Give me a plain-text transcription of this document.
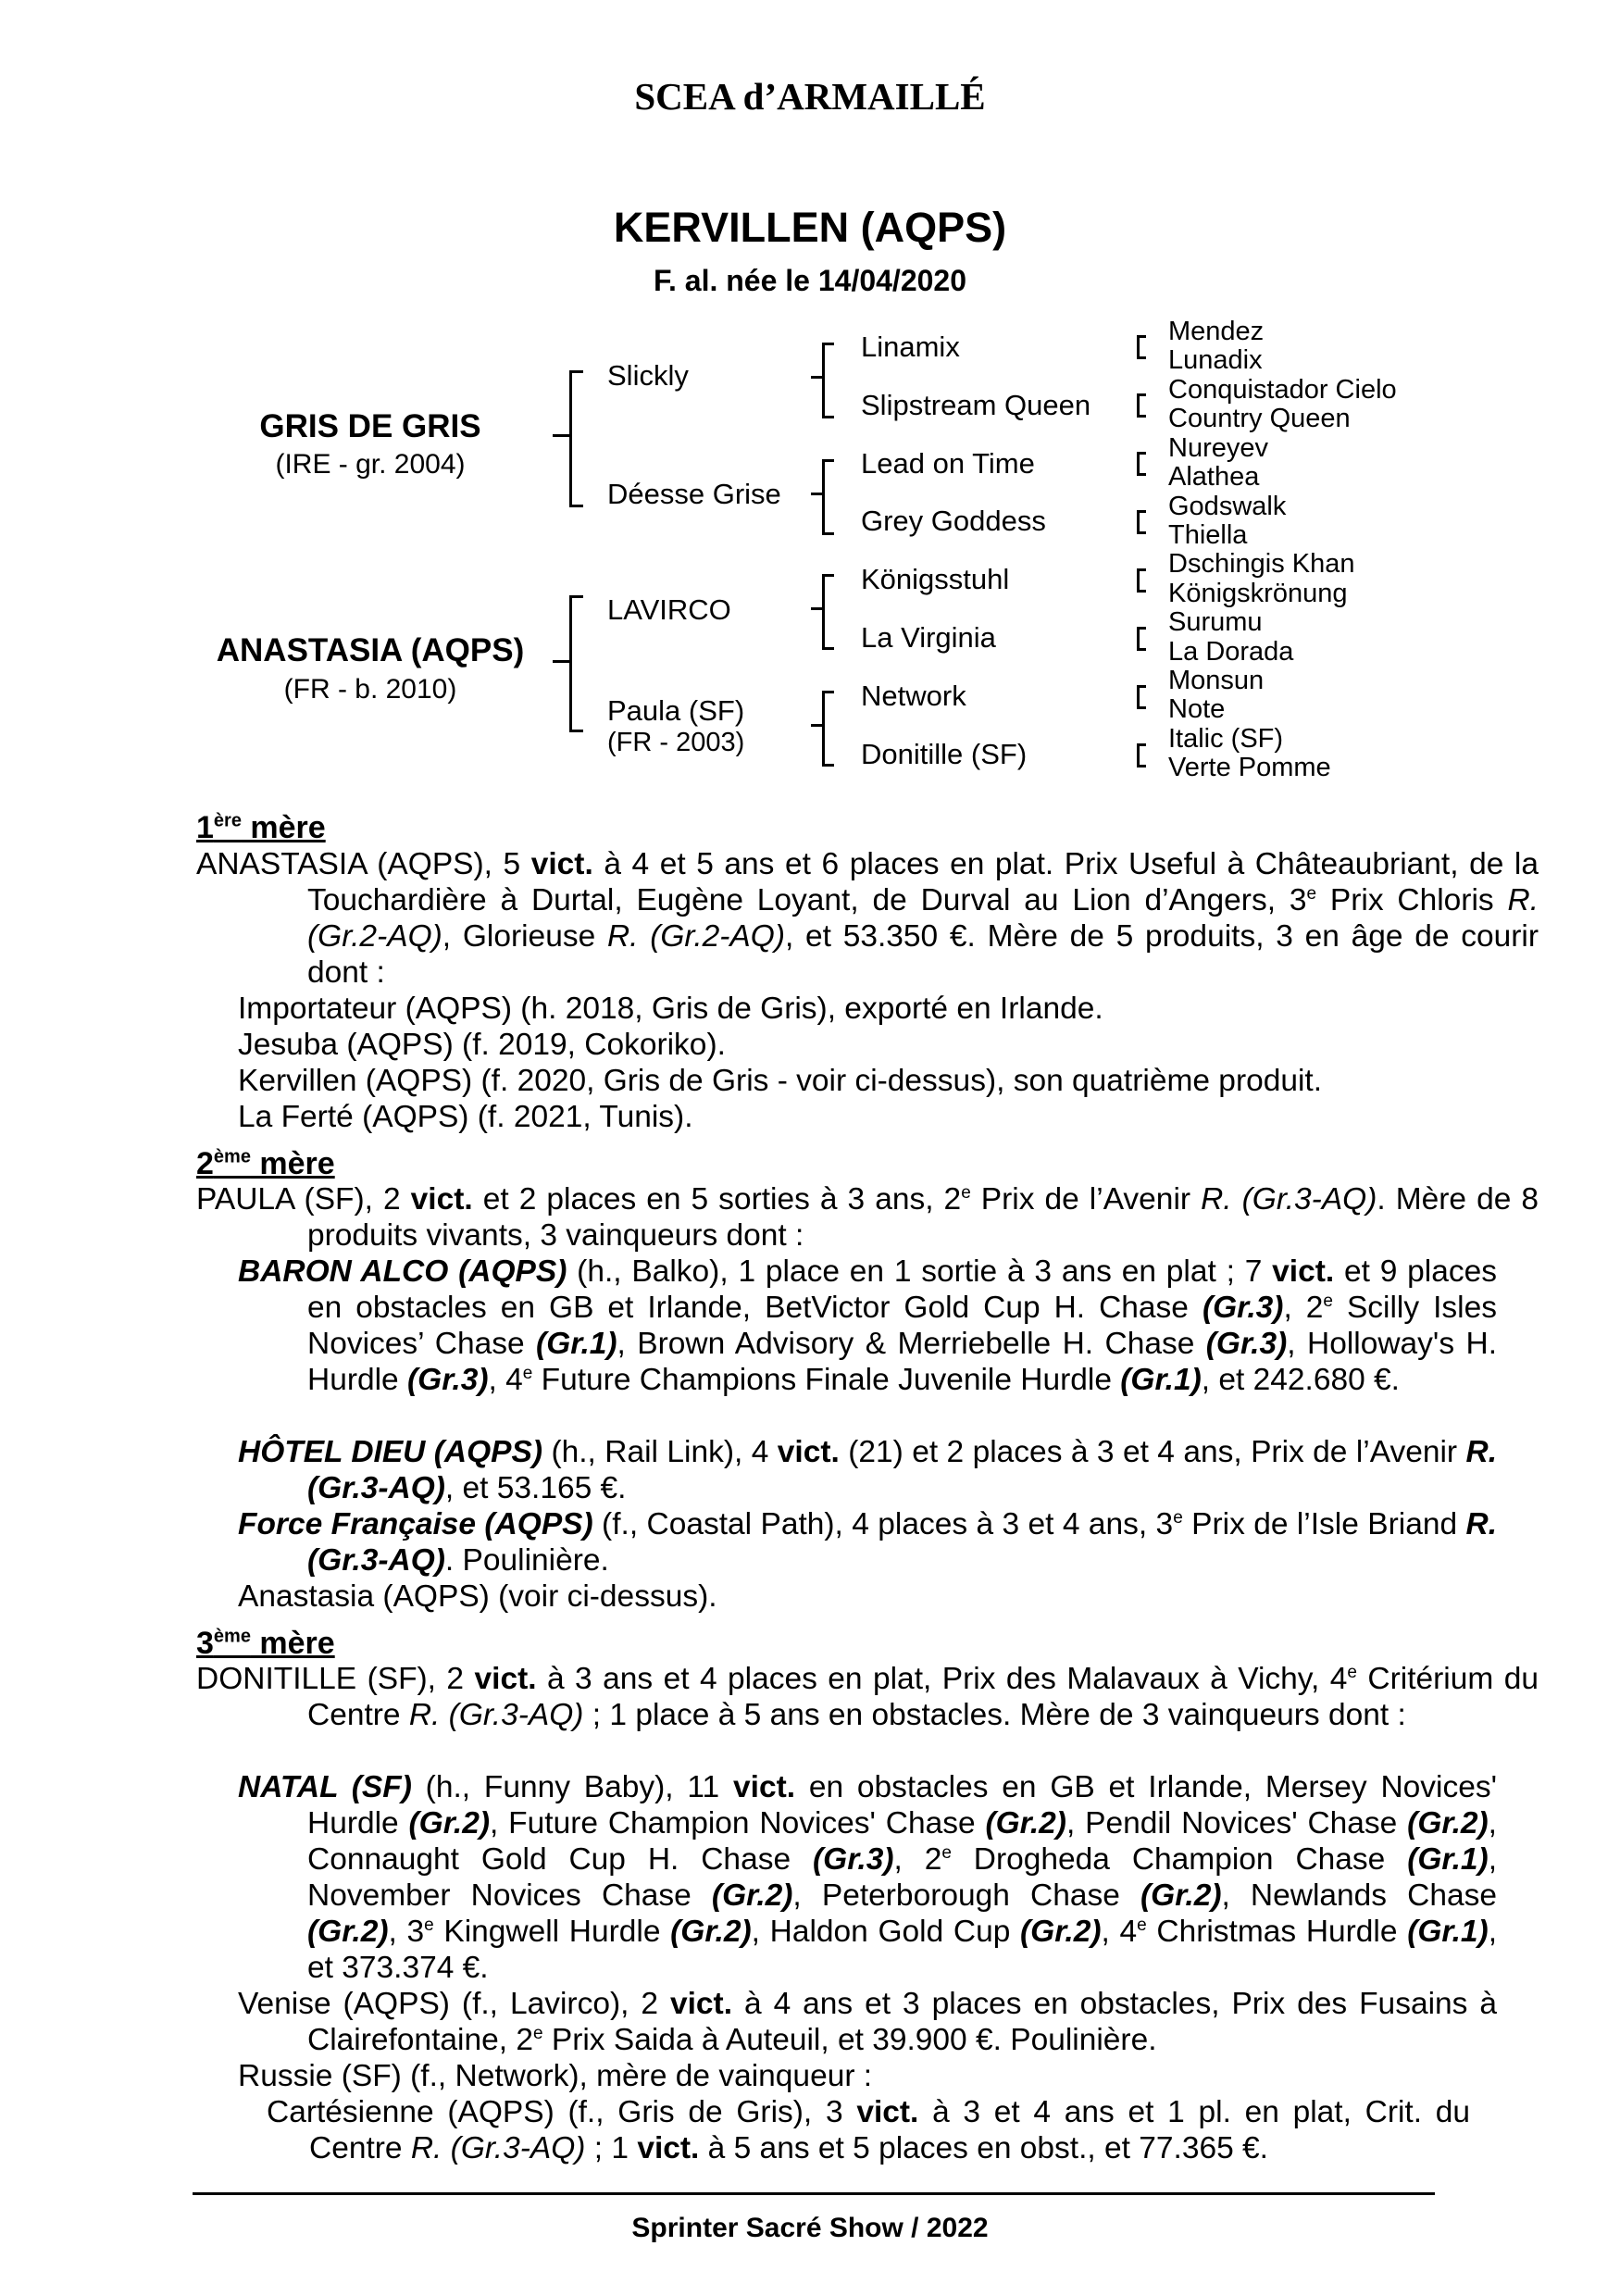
SCEA d’ARMAILLÉ
KERVILLEN (AQPS)
F. al. née le 14/04/2020
GRIS DE GRIS
(IRE - gr. 2004)
ANASTASIA (AQPS)
(FR - b. 2010)
Slickly
Déesse Grise
LAVIRCO
Paula (SF)
(FR - 2003)
Linamix
Slipstream Queen
Lead on Time
Grey Goddess
Königsstuhl
La Virginia
Network
Donitille (SF)
Mendez
Lunadix
Conquistador Cielo
Country Queen
Nureyev
Alathea
Godswalk
Thiella
Dschingis Khan
Königskrönung
Surumu
La Dorada
Monsun
Note
Italic (SF)
Verte Pomme
1ère mère
ANASTASIA (AQPS), 5 vict. à 4 et 5 ans et 6 places en plat. Prix Useful à Châteaubriant, de la Touchardière à Durtal, Eugène Loyant, de Durval au Lion d’Angers, 3e Prix Chloris R. (Gr.2-AQ), Glorieuse R. (Gr.2-AQ), et 53.350 €. Mère de 5 produits, 3 en âge de courir dont :
Importateur (AQPS) (h. 2018, Gris de Gris), exporté en Irlande.
Jesuba (AQPS) (f. 2019, Cokoriko).
Kervillen (AQPS) (f. 2020, Gris de Gris - voir ci-dessus), son quatrième produit.
La Ferté (AQPS) (f. 2021, Tunis).
2ème mère
PAULA (SF), 2 vict. et 2 places en 5 sorties à 3 ans, 2e Prix de l’Avenir R. (Gr.3-AQ). Mère de 8 produits vivants, 3 vainqueurs dont :
BARON ALCO (AQPS) (h., Balko), 1 place en 1 sortie à 3 ans en plat ; 7 vict. et 9 places en obstacles en GB et Irlande, BetVictor Gold Cup H. Chase (Gr.3), 2e Scilly Isles Novices’ Chase (Gr.1), Brown Advisory & Merriebelle H. Chase (Gr.3), Holloway's H. Hurdle (Gr.3), 4e Future Champions Finale Juvenile Hurdle (Gr.1), et 242.680 €.
HÔTEL DIEU (AQPS) (h., Rail Link), 4 vict. (21) et 2 places à 3 et 4 ans, Prix de l’Avenir R. (Gr.3-AQ), et 53.165 €.
Force Française (AQPS) (f., Coastal Path), 4 places à 3 et 4 ans, 3e Prix de l’Isle Briand R. (Gr.3-AQ). Poulinière.
Anastasia (AQPS) (voir ci-dessus).
3ème mère
DONITILLE (SF), 2 vict. à 3 ans et 4 places en plat, Prix des Malavaux à Vichy, 4e Critérium du Centre R. (Gr.3-AQ) ; 1 place à 5 ans en obstacles. Mère de 3 vainqueurs dont :
NATAL (SF) (h., Funny Baby), 11 vict. en obstacles en GB et Irlande, Mersey Novices' Hurdle (Gr.2), Future Champion Novices' Chase (Gr.2), Pendil Novices' Chase (Gr.2), Connaught Gold Cup H. Chase (Gr.3), 2e Drogheda Champion Chase (Gr.1), November Novices Chase (Gr.2), Peterborough Chase (Gr.2), Newlands Chase (Gr.2), 3e Kingwell Hurdle (Gr.2), Haldon Gold Cup (Gr.2), 4e Christmas Hurdle (Gr.1), et 373.374 €.
Venise (AQPS) (f., Lavirco), 2 vict. à 4 ans et 3 places en obstacles, Prix des Fusains à Clairefontaine, 2e Prix Saida à Auteuil, et 39.900 €. Poulinière.
Russie (SF) (f., Network), mère de vainqueur :
Cartésienne (AQPS) (f., Gris de Gris), 3 vict. à 3 et 4 ans et 1 pl. en plat, Crit. du Centre R. (Gr.3-AQ) ; 1 vict. à 5 ans et 5 places en obst., et 77.365 €.
Sprinter Sacré Show / 2022
